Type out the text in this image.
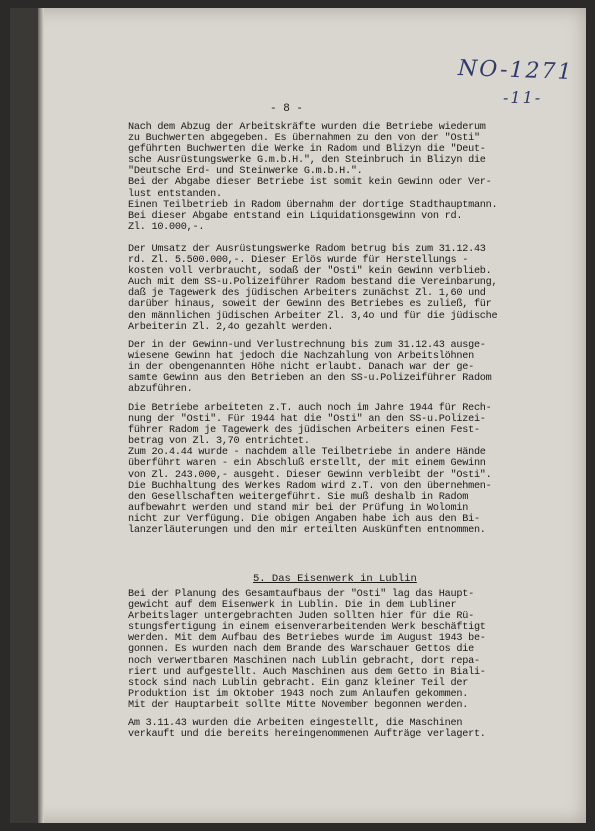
NO-1271
-11-
- 8 -
Nach dem Abzug der Arbeitskräfte wurden die Betriebe wiederum
zu Buchwerten abgegeben. Es übernahmen zu den von der "Osti"
geführten Buchwerten die Werke in Radom und Blizyn die "Deut-
sche Ausrüstungswerke G.m.b.H.", den Steinbruch in Blizyn die
"Deutsche Erd- und Steinwerke G.m.b.H.".
Bei der Abgabe dieser Betriebe ist somit kein Gewinn oder Ver-
lust entstanden.
Einen Teilbetrieb in Radom übernahm der dortige Stadthauptmann.
Bei dieser Abgabe entstand ein Liquidationsgewinn von rd.
Zl. 10.000,-.
Der Umsatz der Ausrüstungswerke Radom betrug bis zum 31.12.43
rd. Zl. 5.500.000,-. Dieser Erlös wurde für Herstellungs -
kosten voll verbraucht, sodaß der "Osti" kein Gewinn verblieb.
Auch mit dem SS-u.Polizeiführer Radom bestand die Vereinbarung,
daß je Tagewerk des jüdischen Arbeiters zunächst Zl. 1,60 und
darüber hinaus, soweit der Gewinn des Betriebes es zuließ, für
den männlichen jüdischen Arbeiter Zl. 3,4o und für die jüdische
Arbeiterin Zl. 2,4o gezahlt werden.
Der in der Gewinn-und Verlustrechnung bis zum 31.12.43 ausge-
wiesene Gewinn hat jedoch die Nachzahlung von Arbeitslöhnen
in der obengenannten Höhe nicht erlaubt. Danach war der ge-
samte Gewinn aus den Betrieben an den SS-u.Polizeiführer Radom
abzuführen.
Die Betriebe arbeiteten z.T. auch noch im Jahre 1944 für Rech-
nung der "Osti". Für 1944 hat die "Osti" an den SS-u.Polizei-
führer Radom je Tagewerk des jüdischen Arbeiters einen Fest-
betrag von Zl. 3,70 entrichtet.
Zum 2o.4.44 wurde - nachdem alle Teilbetriebe in andere Hände
überführt waren - ein Abschluß erstellt, der mit einem Gewinn
von Zl. 243.000,- ausgeht. Dieser Gewinn verbleibt der "Osti".
Die Buchhaltung des Werkes Radom wird z.T. von den übernehmen-
den Gesellschaften weitergeführt. Sie muß deshalb in Radom
aufbewahrt werden und stand mir bei der Prüfung in Wolomin
nicht zur Verfügung. Die obigen Angaben habe ich aus den Bi-
lanzerläuterungen und den mir erteilten Auskünften entnommen.
5. Das Eisenwerk in Lublin
Bei der Planung des Gesamtaufbaus der "Osti" lag das Haupt-
gewicht auf dem Eisenwerk in Lublin. Die in dem Lubliner
Arbeitslager untergebrachten Juden sollten hier für die Rü-
stungsfertigung in einem eisenverarbeitenden Werk beschäftigt
werden. Mit dem Aufbau des Betriebes wurde im August 1943 be-
gonnen. Es wurden nach dem Brande des Warschauer Gettos die
noch verwertbaren Maschinen nach Lublin gebracht, dort repa-
riert und aufgestellt. Auch Maschinen aus dem Getto in Biali-
stock sind nach Lublin gebracht. Ein ganz kleiner Teil der
Produktion ist im Oktober 1943 noch zum Anlaufen gekommen.
Mit der Hauptarbeit sollte Mitte November begonnen werden.
Am 3.11.43 wurden die Arbeiten eingestellt, die Maschinen
verkauft und die bereits hereingenommenen Aufträge verlagert.
